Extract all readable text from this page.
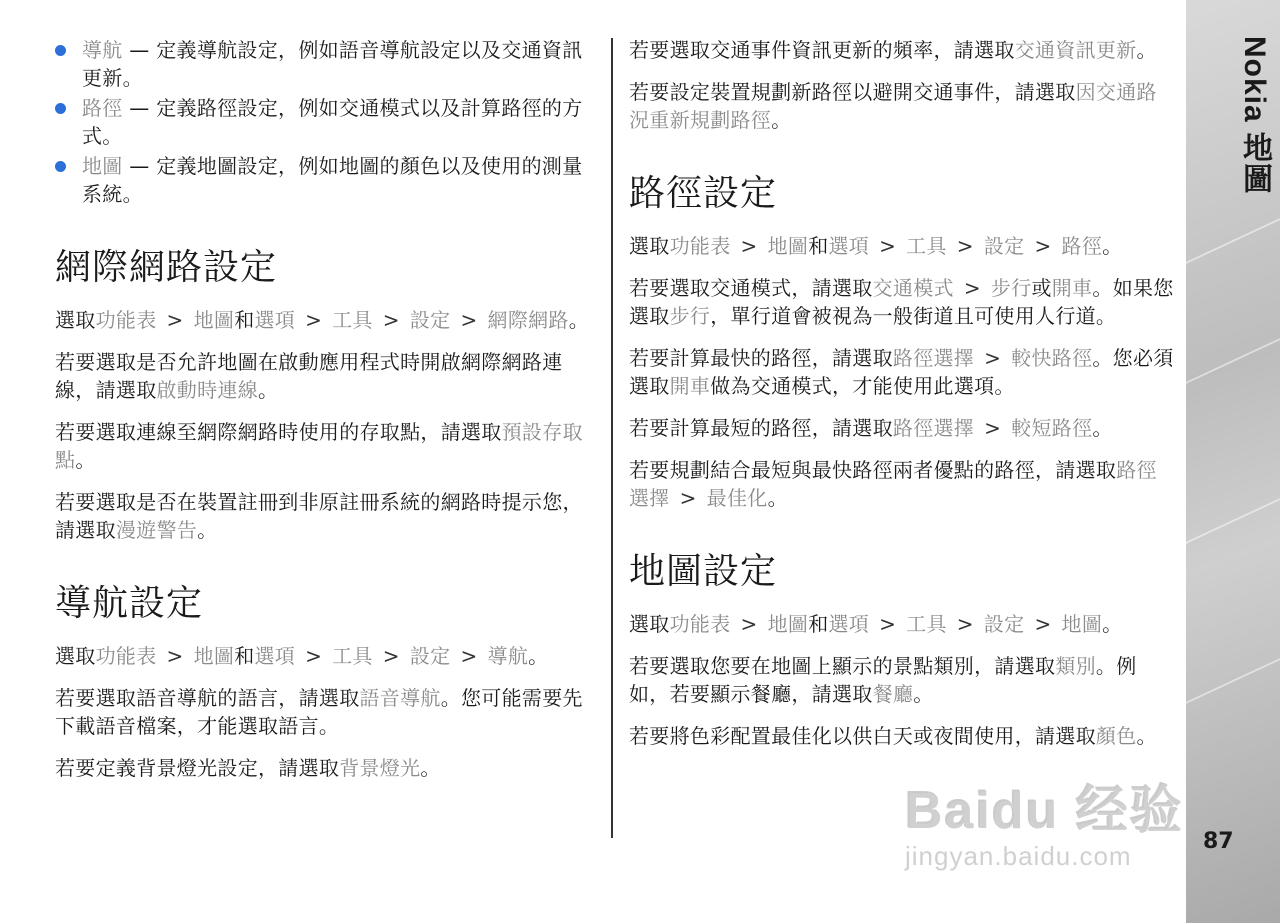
導航 — 定義導航設定，例如語音導航設定以及交通資訊更新。
路徑 — 定義路徑設定，例如交通模式以及計算路徑的方式。
地圖 — 定義地圖設定，例如地圖的顏色以及使用的測量系統。
網際網路設定

選取功能表 > 地圖和選項 > 工具 > 設定 > 網際網路。

若要選取是否允許地圖在啟動應用程式時開啟網際網路連線，請選取啟動時連線。

若要選取連線至網際網路時使用的存取點，請選取預設存取點。

若要選取是否在裝置註冊到非原註冊系統的網路時提示您，請選取漫遊警告。

導航設定

選取功能表 > 地圖和選項 > 工具 > 設定 > 導航。

若要選取語音導航的語言，請選取語音導航。您可能需要先下載語音檔案，才能選取語言。

若要定義背景燈光設定，請選取背景燈光。

若要選取交通事件資訊更新的頻率，請選取交通資訊更新。

若要設定裝置規劃新路徑以避開交通事件，請選取因交通路況重新規劃路徑。

路徑設定

選取功能表 > 地圖和選項 > 工具 > 設定 > 路徑。

若要選取交通模式，請選取交通模式 > 步行或開車。如果您選取步行，單行道會被視為一般街道且可使用人行道。

若要計算最快的路徑，請選取路徑選擇 > 較快路徑。您必須選取開車做為交通模式，才能使用此選項。

若要計算最短的路徑，請選取路徑選擇 > 較短路徑。

若要規劃結合最短與最快路徑兩者優點的路徑，請選取路徑選擇 > 最佳化。

地圖設定

選取功能表 > 地圖和選項 > 工具 > 設定 > 地圖。

若要選取您要在地圖上顯示的景點類別，請選取類別。例如，若要顯示餐廳，請選取餐廳。

若要將色彩配置最佳化以供白天或夜間使用，請選取顏色。

Nokia 地圖
Baidu 经验
jingyan.baidu.com	87
